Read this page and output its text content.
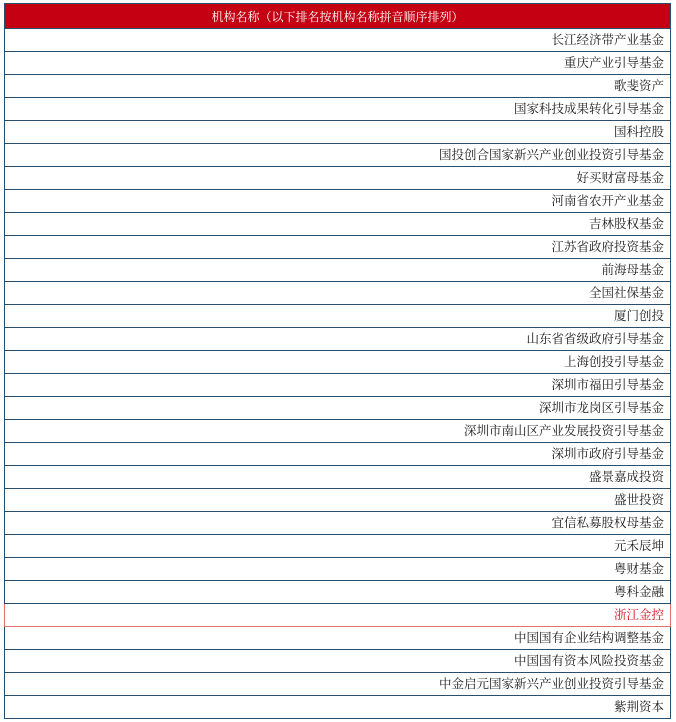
机构名称（以下排名按机构名称拼音顺序排列）
长江经济带产业基金
重庆产业引导基金
歌斐资产
国家科技成果转化引导基金
国科控股
国投创合国家新兴产业创业投资引导基金
好买财富母基金
河南省农开产业基金
吉林股权基金
江苏省政府投资基金
前海母基金
全国社保基金
厦门创投
山东省省级政府引导基金
上海创投引导基金
深圳市福田引导基金
深圳市龙岗区引导基金
深圳市南山区产业发展投资引导基金
深圳市政府引导基金
盛景嘉成投资
盛世投资
宜信私募股权母基金
元禾辰坤
粤财基金
粤科金融
浙江金控
中国国有企业结构调整基金
中国国有资本风险投资基金
中金启元国家新兴产业创业投资引导基金
紫荆资本
